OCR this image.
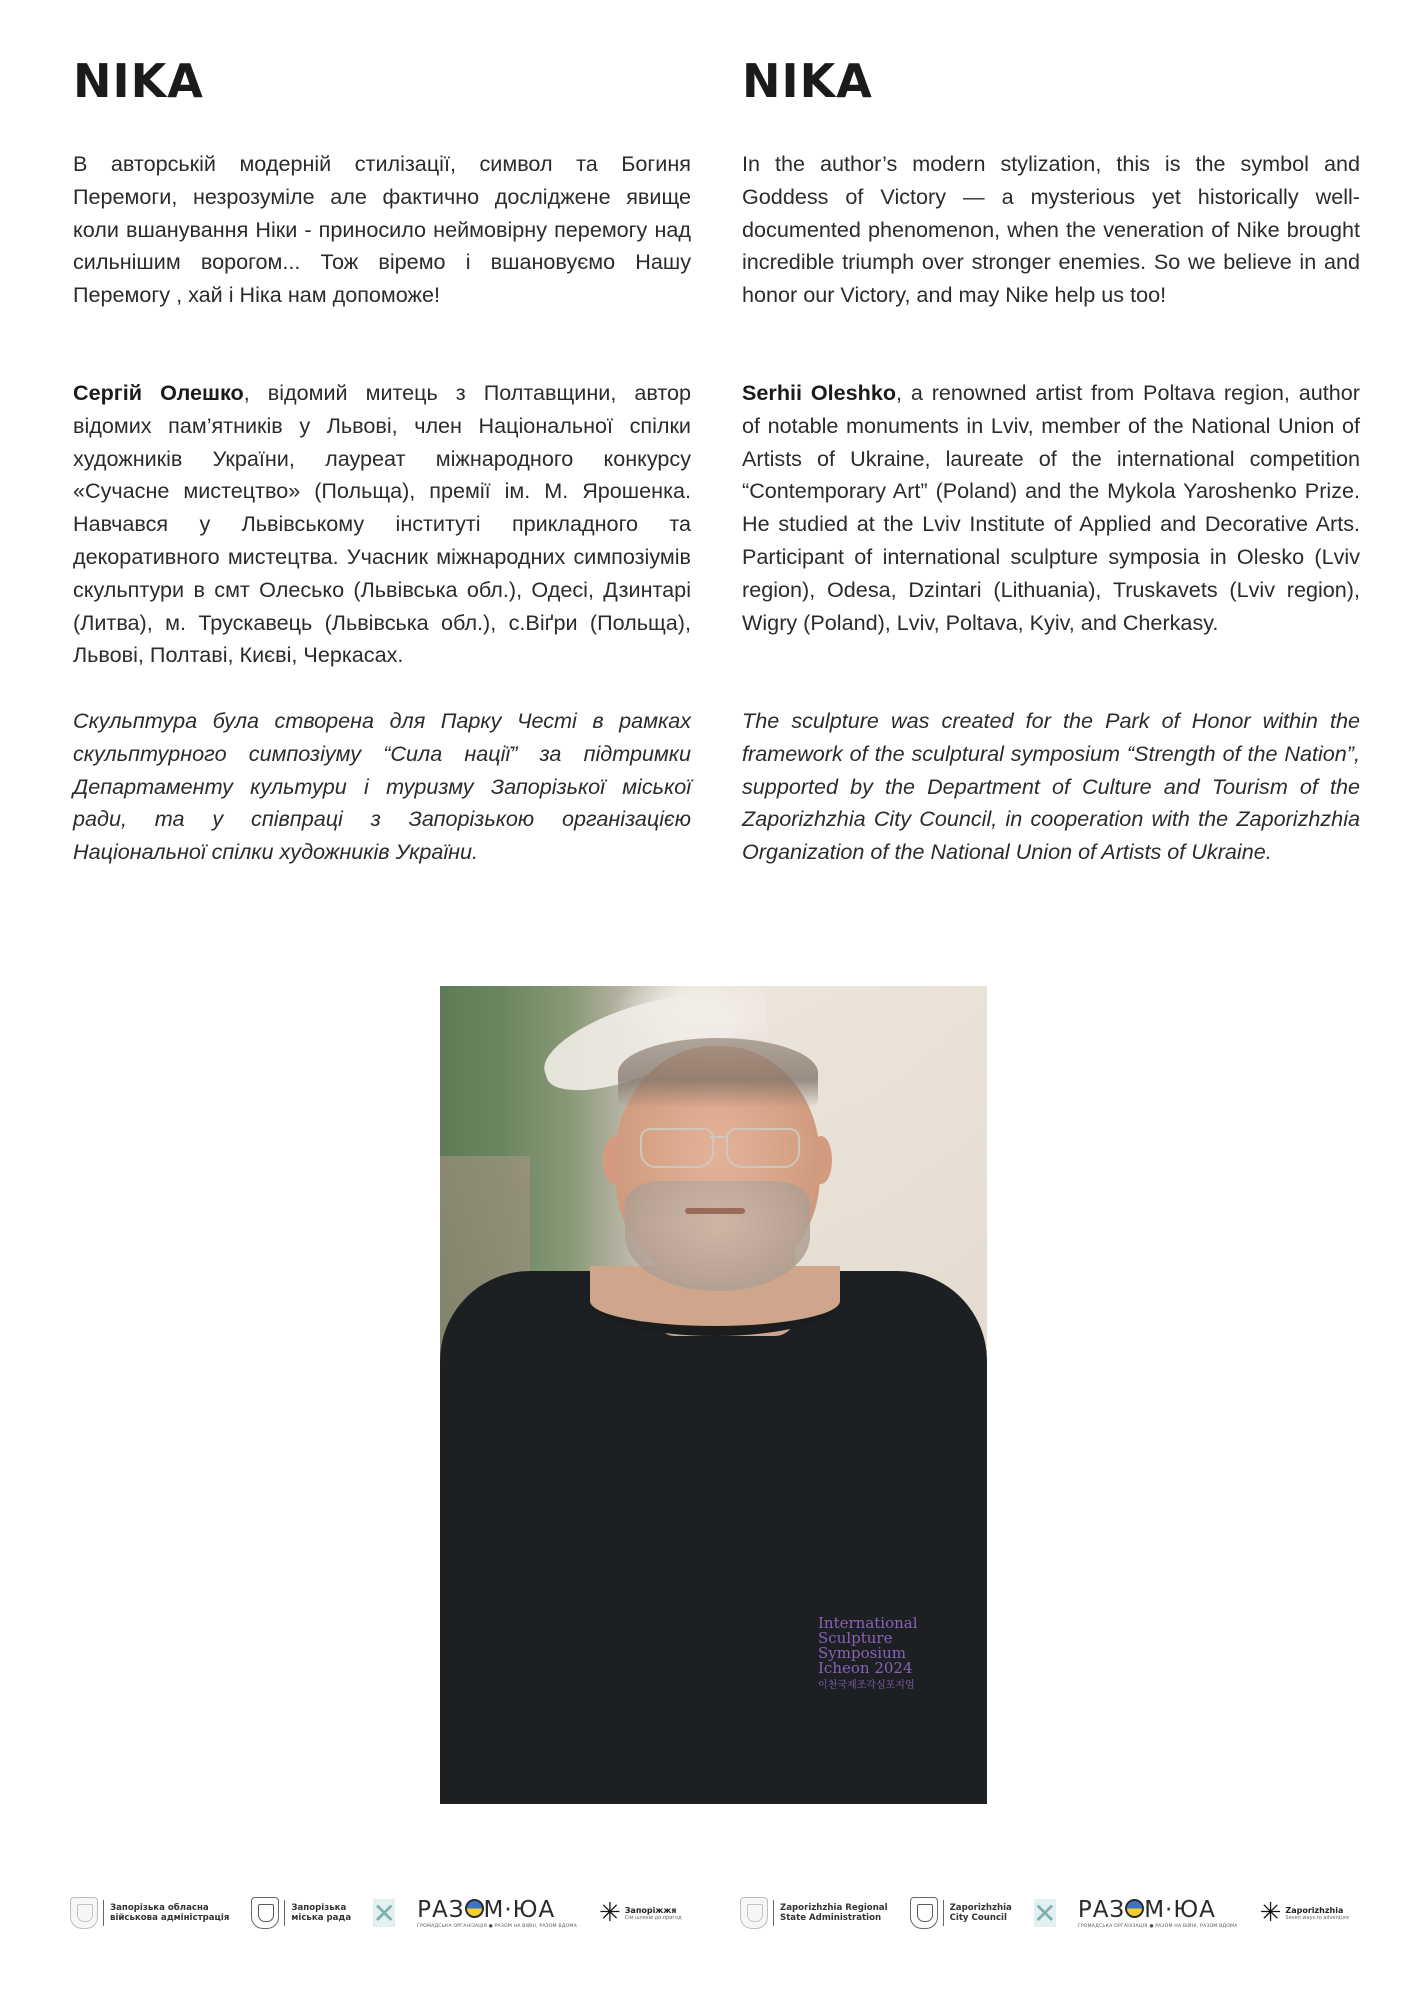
NIKA

В авторській модерній стилізації, символ та Богиня Перемоги, незрозуміле але фактично досліджене явище коли вшанування Ніки - приносило неймовірну перемогу над сильнішим ворогом... Тож віремо і вшановуємо Нашу Перемогу , хай і Ніка нам допоможе!

Сергій Олешко, відомий митець з Полтавщини, автор відомих пам’ятників у Львові, член Національної спілки художників України, лауреат міжнародного конкурсу «Сучасне мистецтво» (Польща), премії ім. М. Ярошенка. Навчався у Львівському інституті прикладного та декоративного мистецтва. Учасник міжнародних симпозіумів скульптури в смт Олесько (Львівська обл.), Одесі, Дзинтарі (Литва), м. Трускавець (Львівська обл.), с.Віґри (Польща), Львові, Полтаві, Києві, Черкасах.

Скульптура була створена для Парку Честі в рамках скульптурного симпозіуму “Сила нації” за підтримки Департаменту культури і туризму Запорізької міської ради, та у співпраці з Запорізькою організацією Національної спілки художників України.

NIKA

In the author’s modern stylization, this is the symbol and Goddess of Victory — a mysterious yet historically well-documented phenomenon, when the veneration of Nike brought incredible triumph over stronger enemies. So we believe in and honor our Victory, and may Nike help us too!

Serhii Oleshko, a renowned artist from Poltava region, author of notable monuments in Lviv, member of the National Union of Artists of Ukraine, laureate of the international competition “Contemporary Art” (Poland) and the Mykola Yaroshenko Prize. He studied at the Lviv Institute of Applied and Decorative Arts. Participant of international sculpture symposia in Olesko (Lviv region), Odesa, Dzintari (Lithuania), Truskavets (Lviv region), Wigry (Poland), Lviv, Poltava, Kyiv, and Cherkasy.

The sculpture was created for the Park of Honor within the framework of the sculptural symposium “Strength of the Nation”, supported by the Department of Culture and Tourism of the Zaporizhzhia City Council, in cooperation with the Zaporizhzhia Organization of the National Union of Artists of Ukraine.

International
Sculpture
Symposium
Icheon 2024
이천국제조각심포지엄
Запорізька обласна
військова адміністрація
Запорізька
міська рада ✕ РАЗ М·ЮА
ГРОМАДСЬКА ОРГАНІЗАЦІЯ ● РАЗОМ НА ВІЙНІ, РАЗОМ ВДОМА ✳ Запоріжжя
Сім шляхів до пригод
Zaporizhzhia Regional
State Administration
Zaporizhzhia
City Council ✕ РАЗ М·ЮА
ГРОМАДСЬКА ОРГАНІЗАЦІЯ ● РАЗОМ НА ВІЙНІ, РАЗОМ ВДОМА ✳ Zaporizhzhia
Seven ways to adventure
